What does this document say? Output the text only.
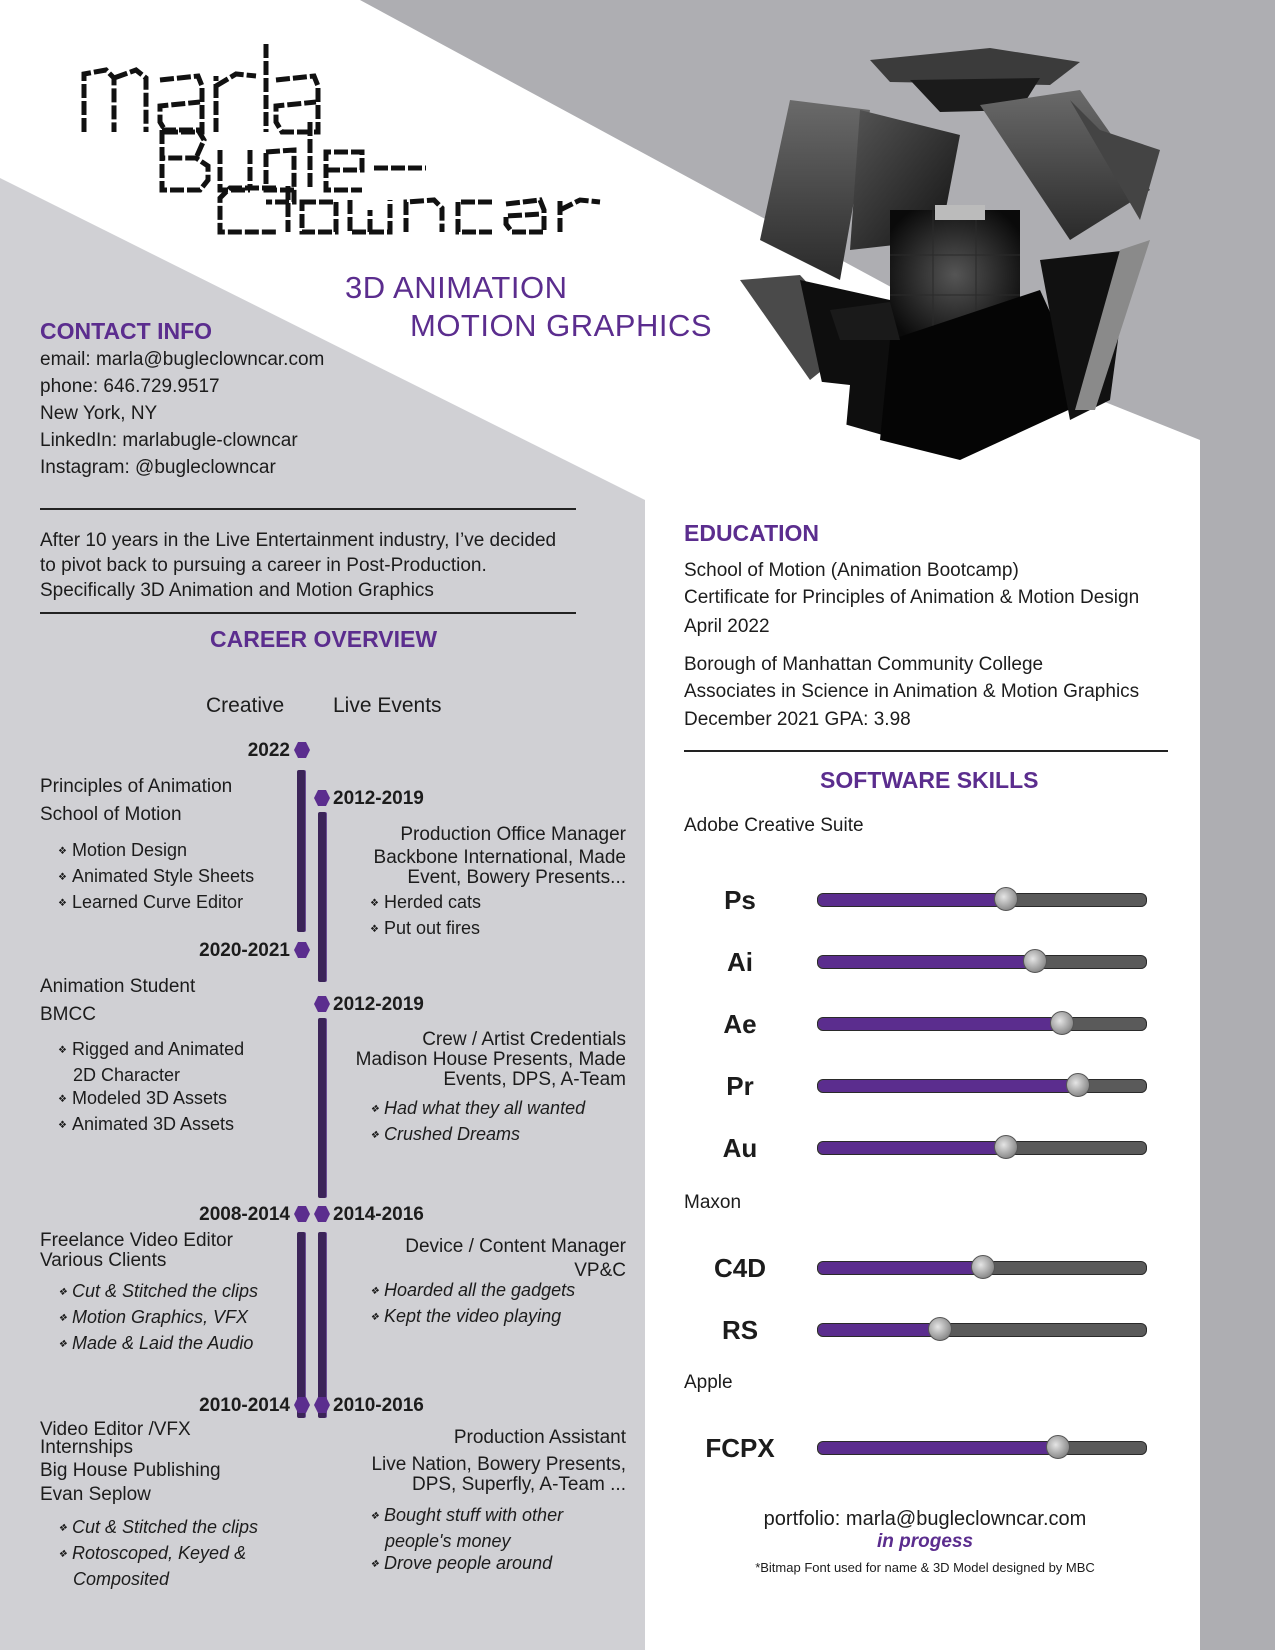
3D ANIMATION
MOTION GRAPHICS
CONTACT INFO
email: marla@bugleclowncar.com
phone: 646.729.9517
New York, NY
LinkedIn: marlabugle-clowncar
Instagram: @bugleclowncar
After 10 years in the Live Entertainment industry, I’ve decided
to pivot back to pursuing a career in Post-Production.
Specifically 3D Animation and Motion Graphics
CAREER OVERVIEW
Creative Live Events
2022
Principles of Animation
School of Motion
❖ Motion Design
❖ Animated Style Sheets
❖ Learned Curve Editor
2020-2021
Animation Student
BMCC
❖ Rigged and Animated
2D Character
❖ Modeled 3D Assets
❖ Animated 3D Assets
2008-2014
Freelance Video Editor
Various Clients
❖ Cut & Stitched the clips
❖ Motion Graphics, VFX
❖ Made & Laid the Audio
2010-2014
Video Editor /VFX
Internships
Big House Publishing
Evan Seplow
❖ Cut & Stitched the clips
❖ Rotoscoped, Keyed &
Composited
2012-2019
Production Office Manager
Backbone International, Made
Event, Bowery Presents...
❖ Herded cats
❖ Put out fires
2012-2019
Crew / Artist Credentials
Madison House Presents, Made
Events, DPS, A-Team
❖ Had what they all wanted
❖ Crushed Dreams
2014-2016
Device / Content Manager
VP&C
❖ Hoarded all the gadgets
❖ Kept the video playing
2010-2016
Production Assistant
Live Nation, Bowery Presents,
DPS, Superfly, A-Team ...
❖ Bought stuff with other
people's money
❖ Drove people around
EDUCATION
School of Motion (Animation Bootcamp)
Certificate for Principles of Animation & Motion Design
April 2022
Borough of Manhattan Community College
Associates in Science in Animation & Motion Graphics
December 2021 GPA: 3.98
SOFTWARE SKILLS
Adobe Creative Suite
Ps
Ai
Ae
Pr
Au
Maxon
C4D
RS
Apple
FCPX
portfolio: marla@bugleclowncar.com
in progess
*Bitmap Font used for name & 3D Model designed by MBC
